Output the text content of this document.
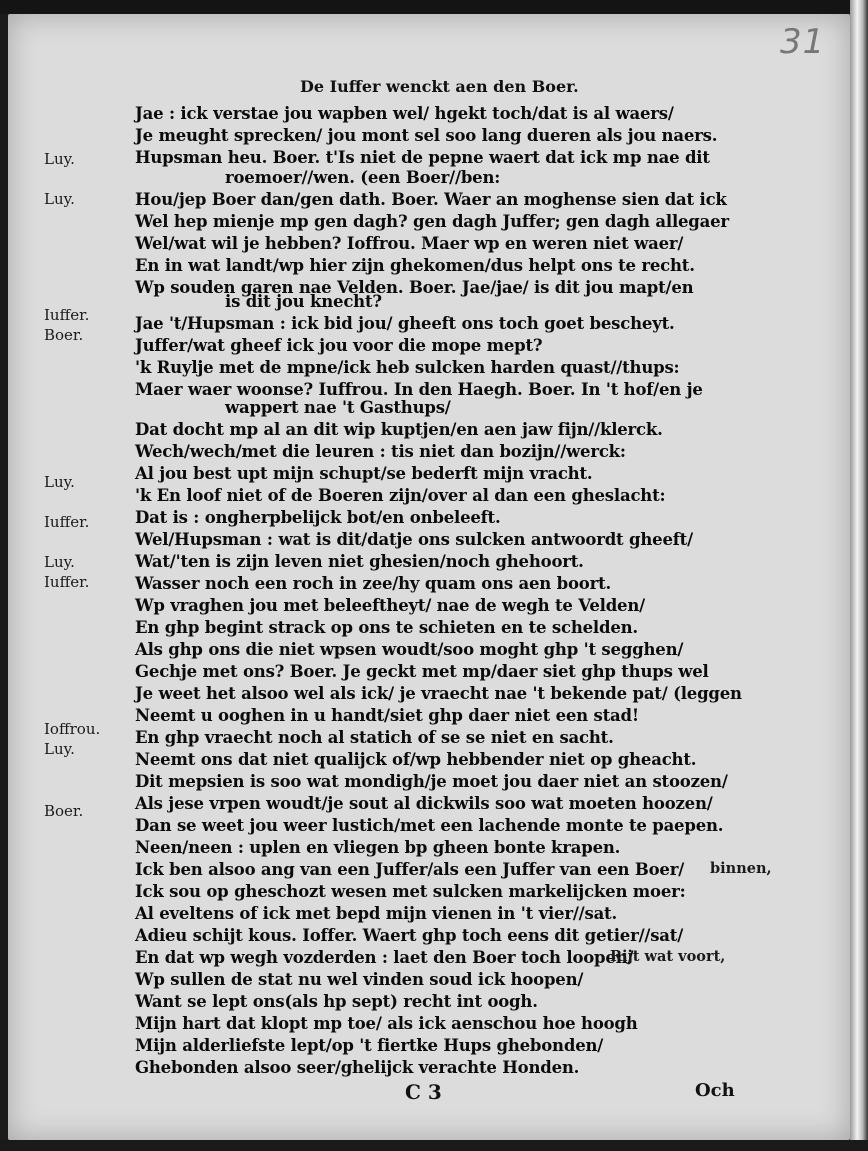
31
De Iuffer wenckt aen den Boer.
Luy.
Luy.
Iuffer.
Boer.
Luy.
Iuffer.
Luy.
Iuffer.
Ioffrou.
Luy.
Boer.
Jae : ick verstae jou wapben wel/ hgekt toch/dat is al waers/
Je meught sprecken/ jou mont sel soo lang dueren als jou naers.
Hupsman heu. Boer. t'Is niet de pepne waert dat ick mp nae dit
roemoer//wen. (een Boer//ben:
Hou/jep Boer dan/gen dath. Boer. Waer an moghense sien dat ick
Wel hep mienje mp gen dagh? gen dagh Juffer; gen dagh allegaer
Wel/wat wil je hebben? Ioffrou. Maer wp en weren niet waer/
En in wat landt/wp hier zijn ghekomen/dus helpt ons te recht.
Wp souden garen nae Velden. Boer. Jae/jae/ is dit jou mapt/en
is dit jou knecht?
Jae 't/Hupsman : ick bid jou/ gheeft ons toch goet bescheyt.
Juffer/wat gheef ick jou voor die mope mept?
'k Ruylje met de mpne/ick heb sulcken harden quast//thups:
Maer waer woonse? Iuffrou. In den Haegh. Boer. In 't hof/en je
wappert nae 't Gasthups/
Dat docht mp al an dit wip kuptjen/en aen jaw fijn//klerck.
Wech/wech/met die leuren : tis niet dan bozijn//werck:
Al jou best upt mijn schupt/se bederft mijn vracht.
'k En loof niet of de Boeren zijn/over al dan een gheslacht:
Dat is : ongherpbelijck bot/en onbeleeft.
Wel/Hupsman : wat is dit/datje ons sulcken antwoordt gheeft/
Wat/'ten is zijn leven niet ghesien/noch ghehoort.
Wasser noch een roch in zee/hy quam ons aen boort.
Wp vraghen jou met beleeftheyt/ nae de wegh te Velden/
En ghp begint strack op ons te schieten en te schelden.
Als ghp ons die niet wpsen woudt/soo moght ghp 't segghen/
Gechje met ons? Boer. Je geckt met mp/daer siet ghp thups wel
Je weet het alsoo wel als ick/ je vraecht nae 't bekende pat/ (leggen
Neemt u ooghen in u handt/siet ghp daer niet een stad!
En ghp vraecht noch al statich of se se niet en sacht.
Neemt ons dat niet qualijck of/wp hebbender niet op gheacht.
Dit mepsien is soo wat mondigh/je moet jou daer niet an stoozen/
Als jese vrpen woudt/je sout al dickwils soo wat moeten hoozen/
Dan se weet jou weer lustich/met een lachende monte te paepen.
Neen/neen : uplen en vliegen bp gheen bonte krapen.
Ick ben alsoo ang van een Juffer/als een Juffer van een Boer/
Ick sou op gheschozt wesen met sulcken markelijcken moer:
Al eveltens of ick met bepd mijn vienen in 't vier//sat.
Adieu schijt kous. Ioffer. Waert ghp toch eens dit getier//sat/
En dat wp wegh vozderden : laet den Boer toch loopen/
Wp sullen de stat nu wel vinden soud ick hoopen/
Want se lept ons(als hp sept) recht int oogh.
Mijn hart dat klopt mp toe/ als ick aenschou hoe hoogh
Mijn alderliefste lept/op 't fiertke Hups ghebonden/
Ghebonden alsoo seer/ghelijck verachte Honden.
binnen,
Rijt wat voort,
C 3	Och
